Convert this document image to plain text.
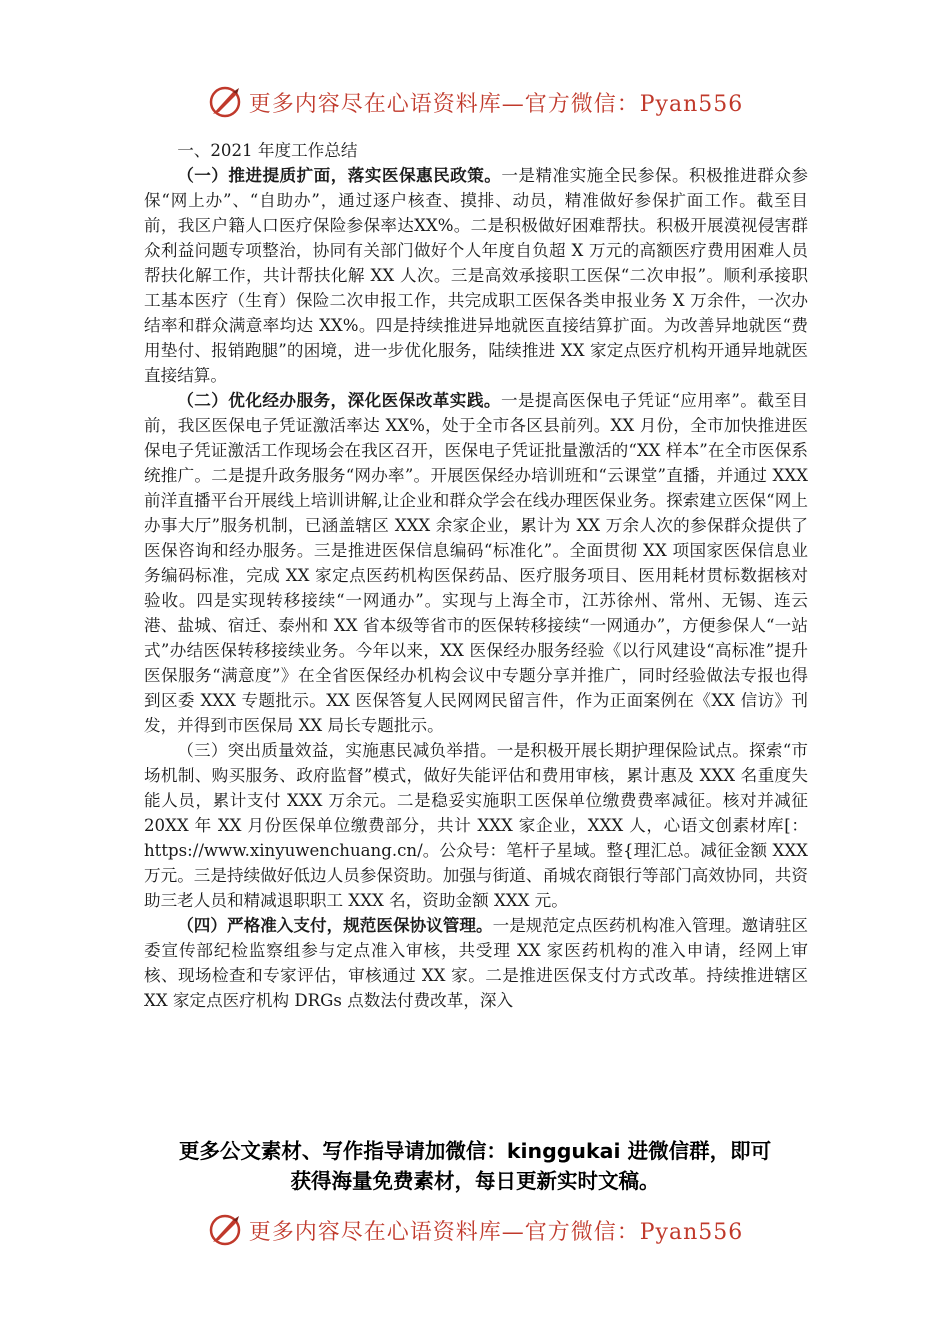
更多内容尽在心语资料库—官方微信：Pyan556

一、2021 年度工作总结

（一）推进提质扩面，落实医保惠民政策。一是精准实施全民参保。积极推进群众参保“网上办”、“自助办”，通过逐户核查、摸排、动员，精准做好参保扩面工作。截至目前，我区户籍人口医疗保险参保率达XX%。二是积极做好困难帮扶。积极开展漠视侵害群众利益问题专项整治，协同有关部门做好个人年度自负超 X 万元的高额医疗费用困难人员帮扶化解工作，共计帮扶化解 XX 人次。三是高效承接职工医保“二次申报”。顺利承接职工基本医疗（生育）保险二次申报工作，共完成职工医保各类申报业务 X 万余件，一次办结率和群众满意率均达 XX%。四是持续推进异地就医直接结算扩面。为改善异地就医“费用垫付、报销跑腿”的困境，进一步优化服务，陆续推进 XX 家定点医疗机构开通异地就医直接结算。

（二）优化经办服务，深化医保改革实践。一是提高医保电子凭证“应用率”。截至目前，我区医保电子凭证激活率达 XX%，处于全市各区县前列。XX 月份，全市加快推进医保电子凭证激活工作现场会在我区召开，医保电子凭证批量激活的“XX 样本”在全市医保系统推广。二是提升政务服务“网办率”。开展医保经办培训班和“云课堂”直播，并通过 XXX 前洋直播平台开展线上培训讲解,让企业和群众学会在线办理医保业务。探索建立医保“网上办事大厅”服务机制，已涵盖辖区 XXX 余家企业，累计为 XX 万余人次的参保群众提供了医保咨询和经办服务。三是推进医保信息编码“标准化”。全面贯彻 XX 项国家医保信息业务编码标准，完成 XX 家定点医药机构医保药品、医疗服务项目、医用耗材贯标数据核对验收。四是实现转移接续“一网通办”。实现与上海全市，江苏徐州、常州、无锡、连云港、盐城、宿迁、泰州和 XX 省本级等省市的医保转移接续“一网通办”，方便参保人“一站式”办结医保转移接续业务。今年以来，XX 医保经办服务经验《以行风建设“高标准”提升医保服务“满意度”》在全省医保经办机构会议中专题分享并推广，同时经验做法专报也得到区委 XXX 专题批示。XX 医保答复人民网网民留言件，作为正面案例在《XX 信访》刊发，并得到市医保局 XX 局长专题批示。

（三）突出质量效益，实施惠民减负举措。一是积极开展长期护理保险试点。探索“市场机制、购买服务、政府监督”模式，做好失能评估和费用审核，累计惠及 XXX 名重度失能人员，累计支付 XXX 万余元。二是稳妥实施职工医保单位缴费费率减征。核对并减征 20XX 年 XX 月份医保单位缴费部分，共计 XXX 家企业，XXX 人，心语文创素材库[：https://www.xinyuwenchuang.cn/。公众号：笔杆子星域。整{理汇总。减征金额 XXX 万元。三是持续做好低边人员参保资助。加强与街道、甬城农商银行等部门高效协同，共资助三老人员和精减退职职工 XXX 名，资助金额 XXX 元。

（四）严格准入支付，规范医保协议管理。一是规范定点医药机构准入管理。邀请驻区委宣传部纪检监察组参与定点准入审核，共受理 XX 家医药机构的准入申请，经网上审核、现场检查和专家评估，审核通过 XX 家。二是推进医保支付方式改革。持续推进辖区 XX 家定点医疗机构 DRGs 点数法付费改革，深入

更多公文素材、写作指导请加微信：kinggukai 进微信群，即可
获得海量免费素材，每日更新实时文稿。
更多内容尽在心语资料库—官方微信：Pyan556
